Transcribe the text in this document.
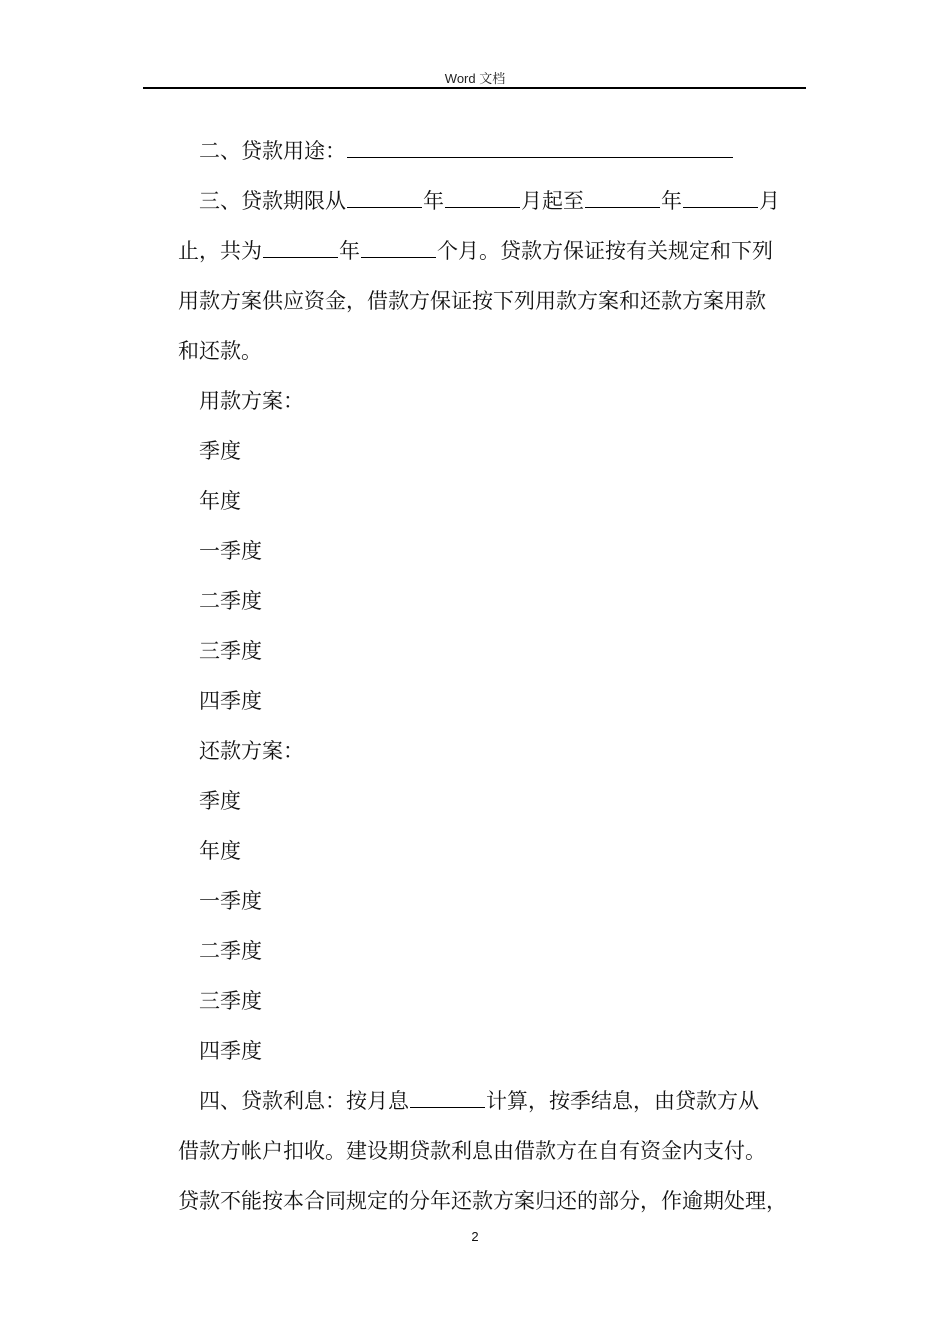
Word 文档
二、贷款用途：
三、贷款期限从	年	月起至	年	月
止，共为	年	个月。贷款方保证按有关规定和下列
用款方案供应资金，借款方保证按下列用款方案和还款方案用款
和还款。
用款方案：
季度
年度
一季度
二季度
三季度
四季度
还款方案：
季度
年度
一季度
二季度
三季度
四季度
四、贷款利息：按月息	计算，按季结息，由贷款方从
借款方帐户扣收。建设期贷款利息由借款方在自有资金内支付。
贷款不能按本合同规定的分年还款方案归还的部分，作逾期处理，
2
